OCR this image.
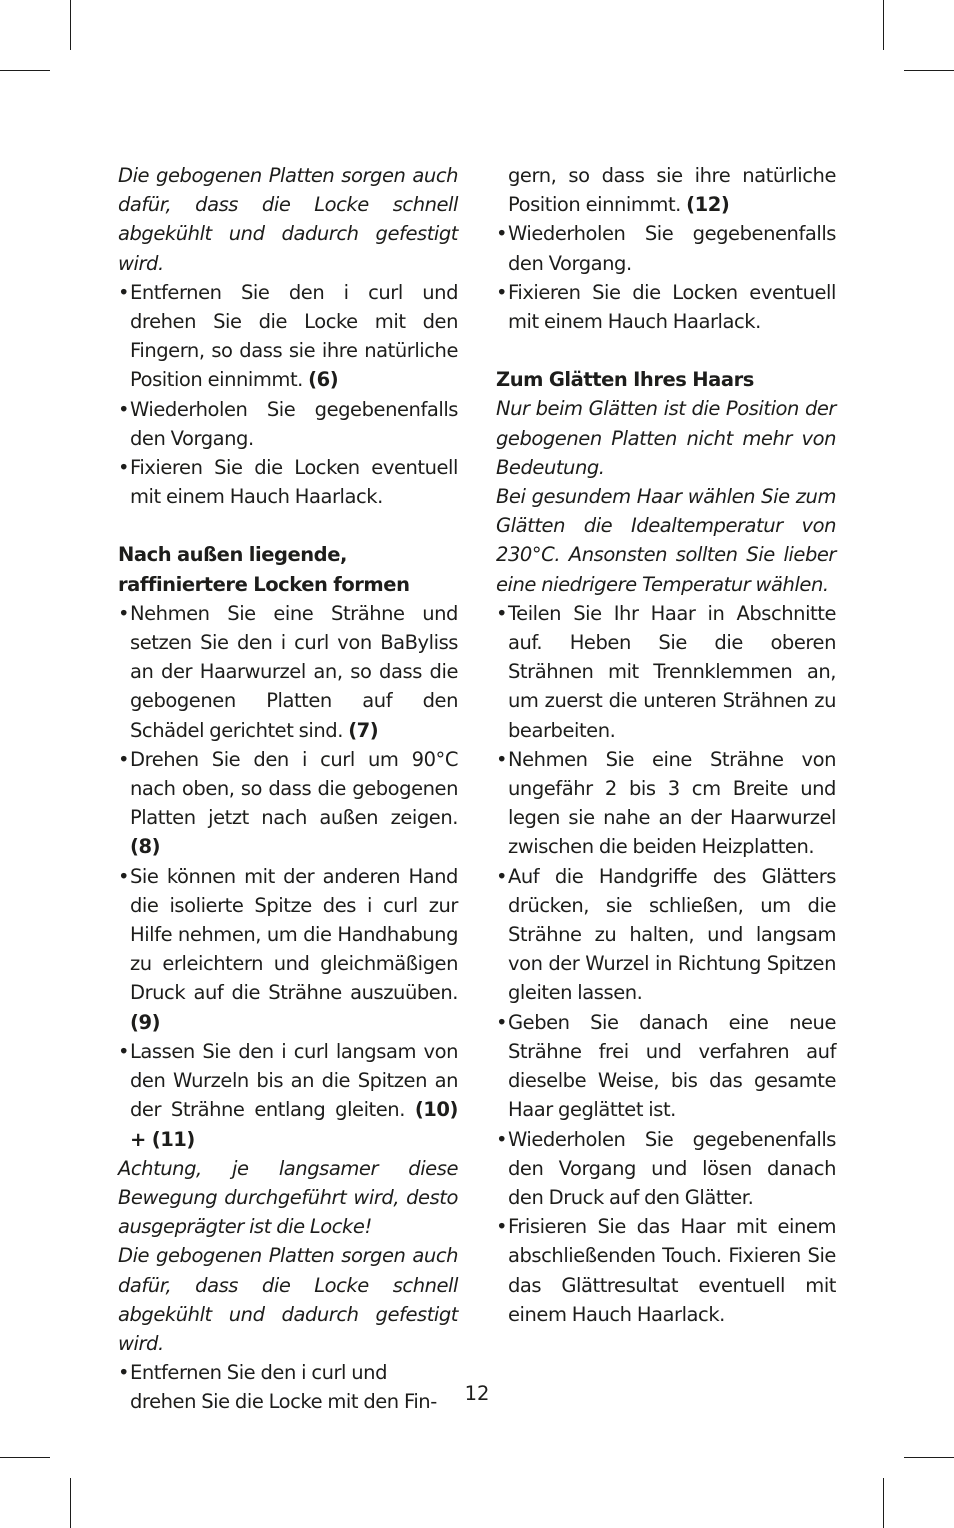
Die gebogenen Platten sorgen auch dafür, dass die Locke schnell abgekühlt und dadurch gefestigt wird.

• Entfernen Sie den i curl und drehen Sie die Locke mit den Fingern, so dass sie ihre natürliche Position einnimmt. (6)
• Wiederholen Sie gegebenenfalls den Vorgang.
• Fixieren Sie die Locken eventuell mit einem Hauch Haarlack.

Nach außen liegende, raffiniertere Locken formen

• Nehmen Sie eine Strähne und setzen Sie den i curl von BaByliss an der Haarwurzel an, so dass die gebogenen Platten auf den Schädel gerichtet sind. (7)
• Drehen Sie den i curl um 90°C nach oben, so dass die gebogenen Platten jetzt nach außen zeigen. (8)
• Sie können mit der anderen Hand die isolierte Spitze des i curl zur Hilfe nehmen, um die Handhabung zu erleichtern und gleichmäßigen Druck auf die Strähne auszuüben. (9)
• Lassen Sie den i curl langsam von den Wurzeln bis an die Spitzen an der Strähne entlang gleiten. (10) + (11)

Achtung, je langsamer diese Bewegung durchgeführt wird, desto ausgeprägter ist die Locke!

Die gebogenen Platten sorgen auch dafür, dass die Locke schnell abgekühlt und dadurch gefestigt wird.

• Entfernen Sie den i curl und drehen Sie die Locke mit den Fin-
gern, so dass sie ihre natürliche Position einnimmt. (12)
• Wiederholen Sie gegebenenfalls den Vorgang.
• Fixieren Sie die Locken eventuell mit einem Hauch Haarlack.

Zum Glätten Ihres Haars

Nur beim Glätten ist die Position der gebogenen Platten nicht mehr von Bedeutung.

Bei gesundem Haar wählen Sie zum Glätten die Idealtemperatur von 230°C. Ansonsten sollten Sie lieber eine niedrigere Temperatur wählen.

• Teilen Sie Ihr Haar in Abschnitte auf. Heben Sie die oberen Strähnen mit Trennklemmen an, um zuerst die unteren Strähnen zu bearbeiten.
• Nehmen Sie eine Strähne von ungefähr 2 bis 3 cm Breite und legen sie nahe an der Haarwurzel zwischen die beiden Heizplatten.
• Auf die Handgriffe des Glätters drücken, sie schließen, um die Strähne zu halten, und langsam von der Wurzel in Richtung Spitzen gleiten lassen.
• Geben Sie danach eine neue Strähne frei und verfahren auf dieselbe Weise, bis das gesamte Haar geglättet ist.
• Wiederholen Sie gegebenenfalls den Vorgang und lösen danach den Druck auf den Glätter.
• Frisieren Sie das Haar mit einem abschließenden Touch. Fixieren Sie das Glättresultat eventuell mit einem Hauch Haarlack.
12
